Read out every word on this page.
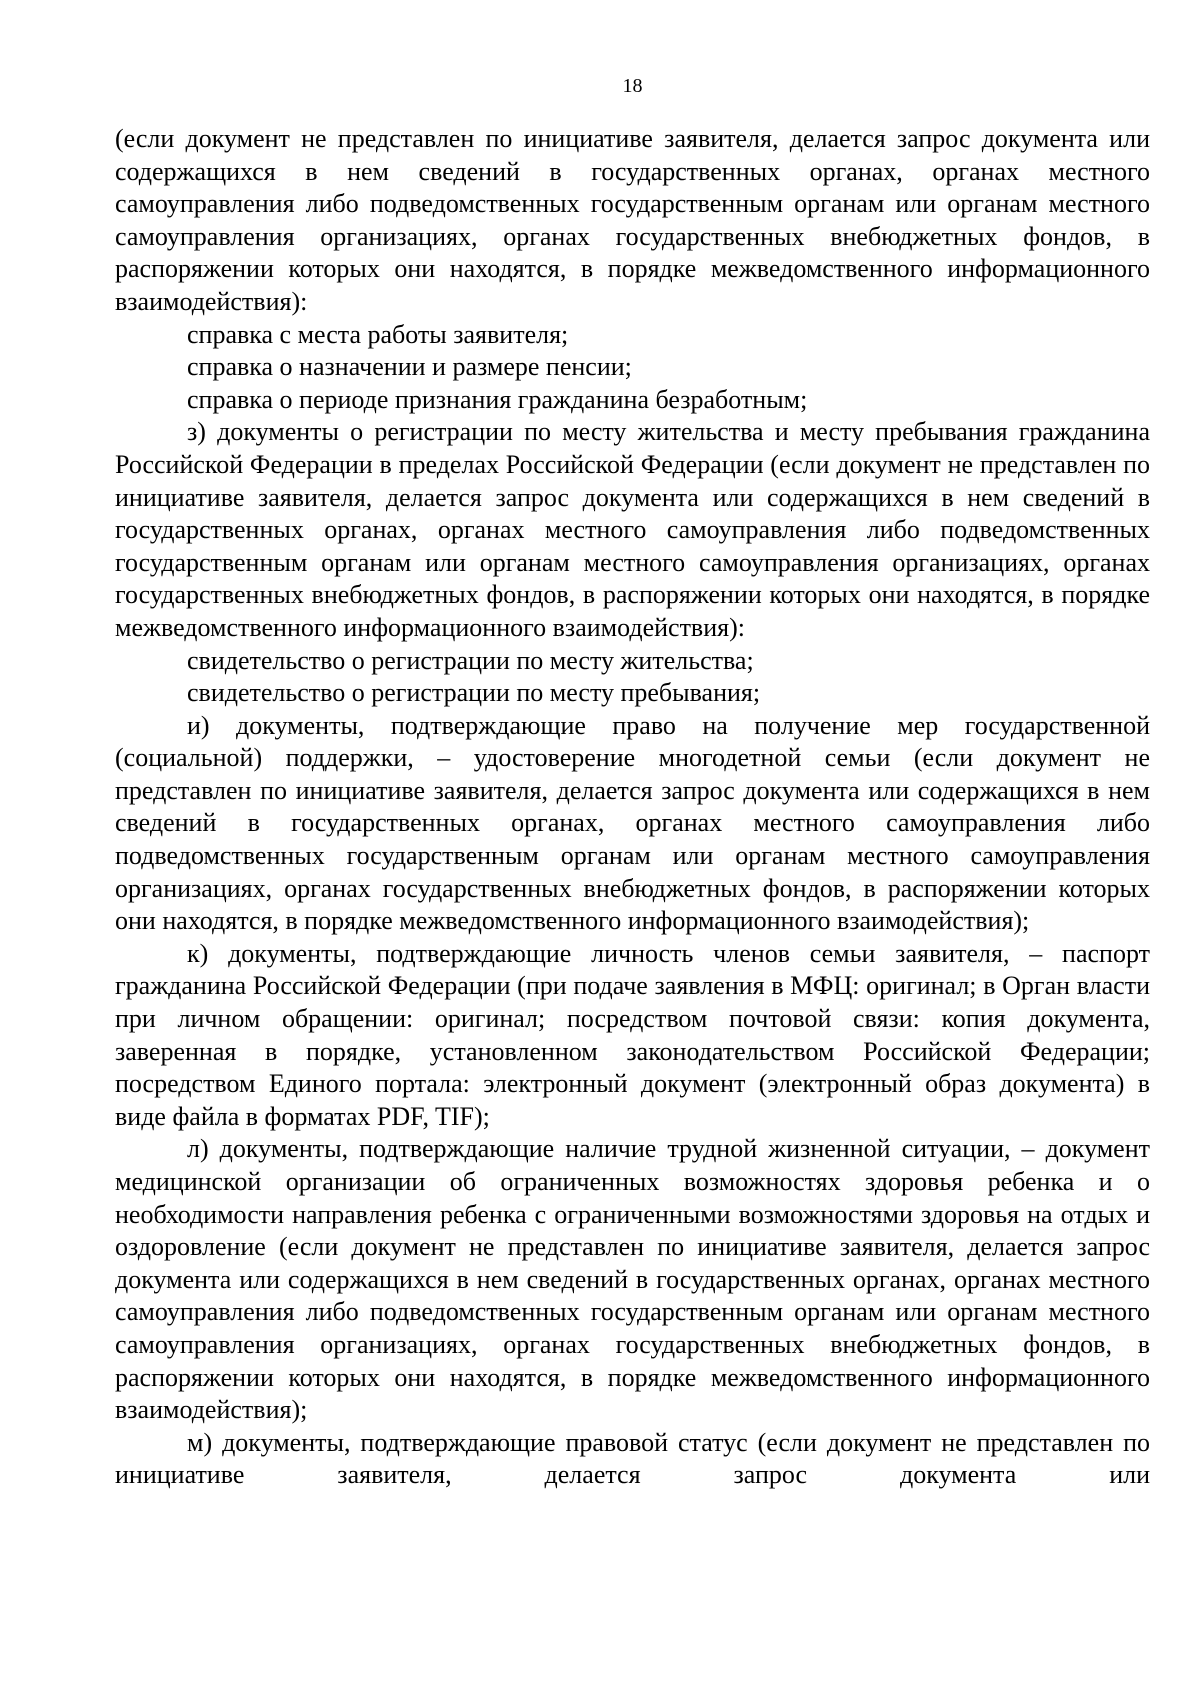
18

(если документ не представлен по инициативе заявителя, делается запрос документа или содержащихся в нем сведений в государственных органах, органах местного самоуправления либо подведомственных государственным органам или органам местного самоуправления организациях, органах государственных внебюджетных фондов, в распоряжении которых они находятся, в порядке межведомственного информационного взаимодействия):

справка с места работы заявителя;

справка о назначении и размере пенсии;

справка о периоде признания гражданина безработным;

з) документы о регистрации по месту жительства и месту пребывания гражданина Российской Федерации в пределах Российской Федерации (если документ не представлен по инициативе заявителя, делается запрос документа или содержащихся в нем сведений в государственных органах, органах местного самоуправления либо подведомственных государственным органам или органам местного самоуправления организациях, органах государственных внебюджетных фондов, в распоряжении которых они находятся, в порядке межведомственного информационного взаимодействия):

свидетельство о регистрации по месту жительства;

свидетельство о регистрации по месту пребывания;

и) документы, подтверждающие право на получение мер государственной (социальной) поддержки, – удостоверение многодетной семьи (если документ не представлен по инициативе заявителя, делается запрос документа или содержащихся в нем сведений в государственных органах, органах местного самоуправления либо подведомственных государственным органам или органам местного самоуправления организациях, органах государственных внебюджетных фондов, в распоряжении которых они находятся, в порядке межведомственного информационного взаимодействия);

к) документы, подтверждающие личность членов семьи заявителя, – паспорт гражданина Российской Федерации (при подаче заявления в МФЦ: оригинал; в Орган власти при личном обращении: оригинал; посредством почтовой связи: копия документа, заверенная в порядке, установленном законодательством Российской Федерации; посредством Единого портала: электронный документ (электронный образ документа) в виде файла в форматах PDF, TIF);

л) документы, подтверждающие наличие трудной жизненной ситуации, – документ медицинской организации об ограниченных возможностях здоровья ребенка и о необходимости направления ребенка с ограниченными возможностями здоровья на отдых и оздоровление (если документ не представлен по инициативе заявителя, делается запрос документа или содержащихся в нем сведений в государственных органах, органах местного самоуправления либо подведомственных государственным органам или органам местного самоуправления организациях, органах государственных внебюджетных фондов, в распоряжении которых они находятся, в порядке межведомственного информационного взаимодействия);

м) документы, подтверждающие правовой статус (если документ не представлен по инициативе заявителя, делается запрос документа или
